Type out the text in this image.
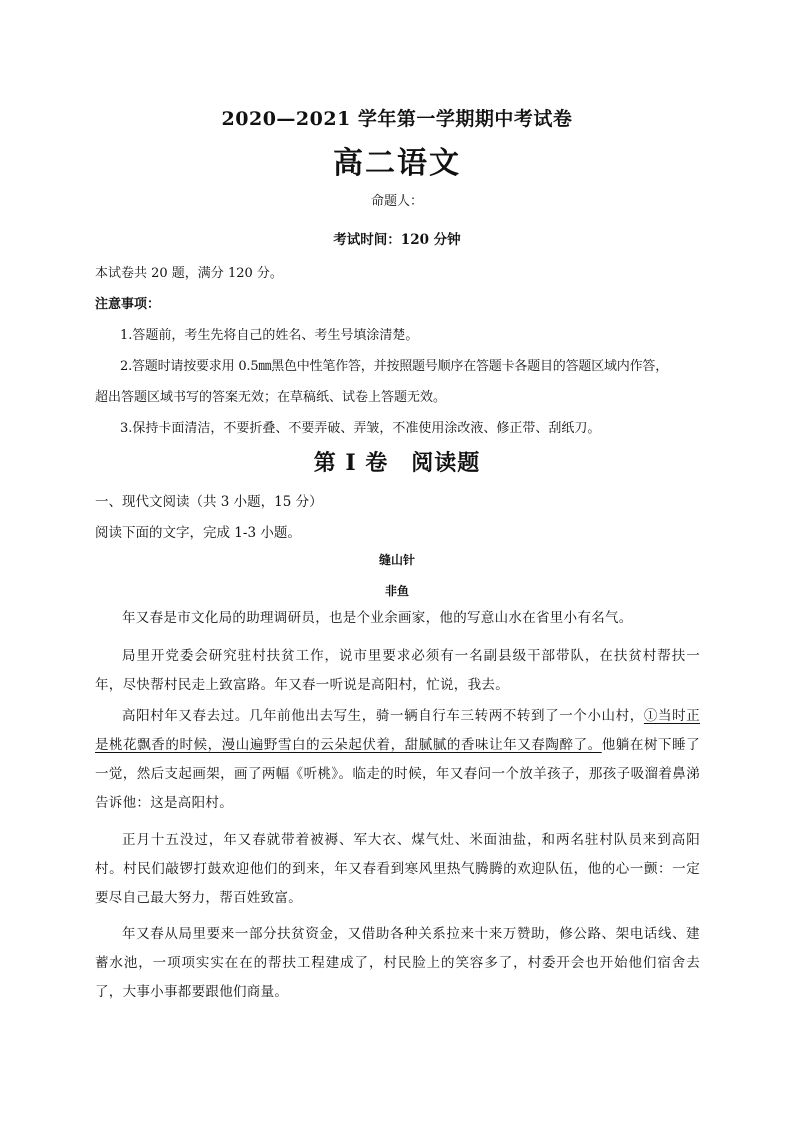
2020—2021 学年第一学期期中考试卷
高二语文
命题人：
考试时间：120 分钟
本试卷共 20 题，满分 120 分。
注意事项：
1.答题前，考生先将自己的姓名、考生号填涂清楚。
2.答题时请按要求用 0.5㎜黑色中性笔作答，并按照题号顺序在答题卡各题目的答题区域内作答，
超出答题区域书写的答案无效；在草稿纸、试卷上答题无效。
3.保持卡面清洁，不要折叠、不要弄破、弄皱，不准使用涂改液、修正带、刮纸刀。
第 I 卷　阅读题
一、现代文阅读（共 3 小题，15 分）
阅读下面的文字，完成 1-3 小题。
缝山针
非鱼
年又春是市文化局的助理调研员，也是个业余画家，他的写意山水在省里小有名气。
局里开党委会研究驻村扶贫工作，说市里要求必须有一名副县级干部带队，在扶贫村帮扶一年，尽快帮村民走上致富路。年又春一听说是高阳村，忙说，我去。
高阳村年又春去过。几年前他出去写生，骑一辆自行车三转两不转到了一个小山村，①当时正是桃花飘香的时候，漫山遍野雪白的云朵起伏着，甜腻腻的香味让年又春陶醉了。他躺在树下睡了一觉，然后支起画架，画了两幅《听桃》。临走的时候，年又春问一个放羊孩子，那孩子吸溜着鼻涕告诉他：这是高阳村。
正月十五没过，年又春就带着被褥、军大衣、煤气灶、米面油盐，和两名驻村队员来到高阳村。村民们敲锣打鼓欢迎他们的到来，年又春看到寒风里热气腾腾的欢迎队伍，他的心一颤：一定要尽自己最大努力，帮百姓致富。
年又春从局里要来一部分扶贫资金，又借助各种关系拉来十来万赞助，修公路、架电话线、建蓄水池，一项项实实在在的帮扶工程建成了，村民脸上的笑容多了，村委开会也开始他们宿舍去了，大事小事都要跟他们商量。
